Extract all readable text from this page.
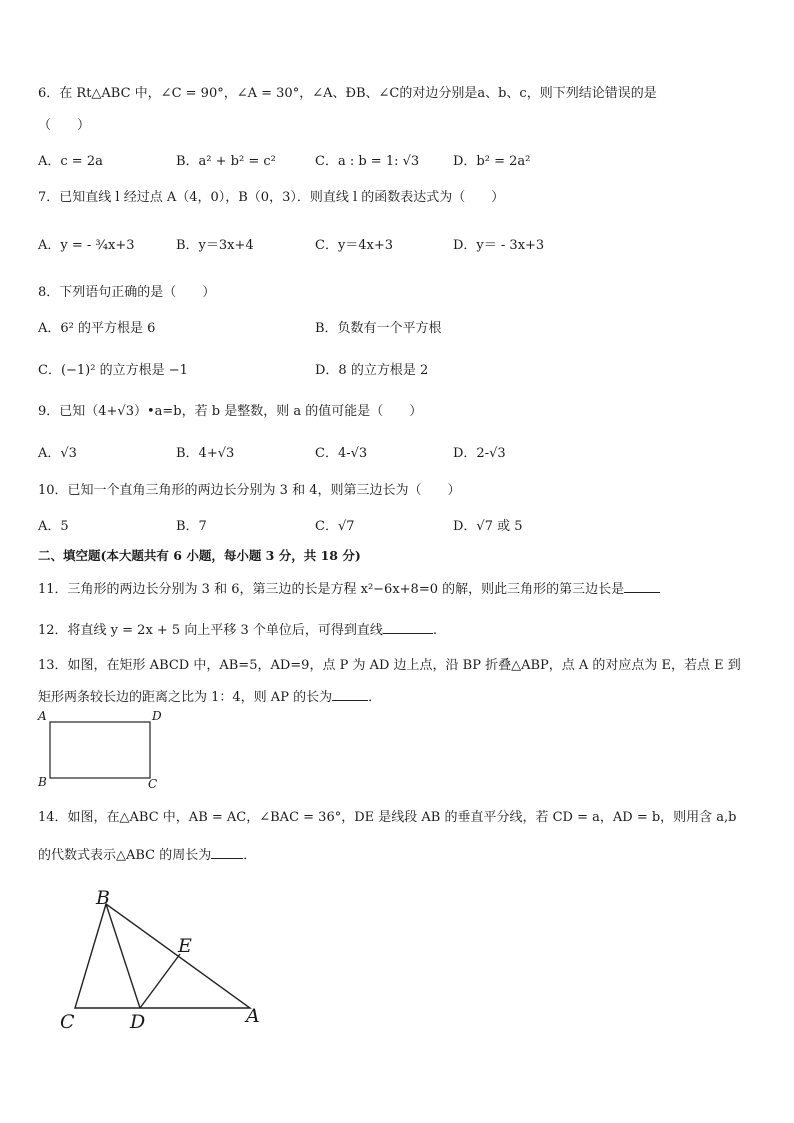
6．在 Rt△ABC 中，∠C = 90°，∠A = 30°，∠A、ÐB、∠C的对边分别是a、b、c，则下列结论错误的是
（　　）
A．c = 2a	B．a² + b² = c²	C．a : b = 1: √3	D．b² = 2a²
7．已知直线 l 经过点 A（4，0），B（0，3）．则直线 l 的函数表达式为（　　）
A．y = - ¾x+3	B．y＝3x+4	C．y＝4x+3	D．y＝ - 3x+3
8．下列语句正确的是（　　）
A．6² 的平方根是 6	B．负数有一个平方根
C．(−1)² 的立方根是 −1	D．8 的立方根是 2
9．已知（4+√3）•a=b，若 b 是整数，则 a 的值可能是（　　）
A．√3	B．4+√3	C．4-√3	D．2-√3
10．已知一个直角三角形的两边长分别为 3 和 4，则第三边长为（　　）
A．5	B．7	C．√7	D．√7 或 5
二、填空题(本大题共有 6 小题，每小题 3 分，共 18 分)
11．三角形的两边长分别为 3 和 6，第三边的长是方程 x²−6x+8=0 的解，则此三角形的第三边长是
12．将直线 y = 2x + 5 向上平移 3 个单位后，可得到直线	.
13．如图，在矩形 ABCD 中，AB=5，AD=9，点 P 为 AD 边上点，沿 BP 折叠△ABP，点 A 的对应点为 E，若点 E 到
矩形两条较长边的距离之比为 1：4，则 AP 的长为	．
A	D
B	C
14．如图，在△ABC 中，AB = AC，∠BAC = 36°，DE 是线段 AB 的垂直平分线，若 CD = a，AD = b，则用含 a,b
的代数式表示△ABC 的周长为 ．
B
E
C	D	A
